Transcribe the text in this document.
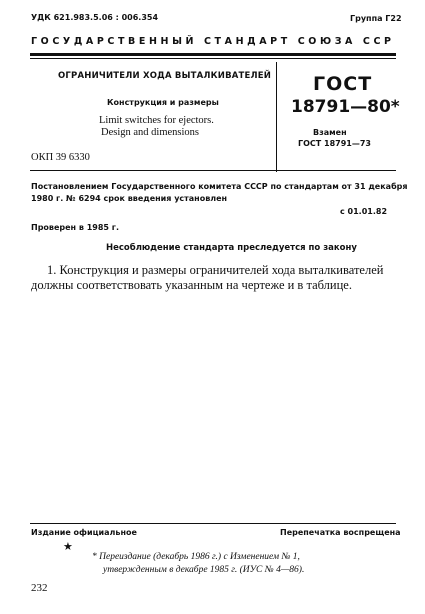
УДК 621.983.5.06 : 006.354	Группа Г22
ГОСУДАРСТВЕННЫЙ СТАНДАРТ СОЮЗА ССР
ОГРАНИЧИТЕЛИ ХОДА ВЫТАЛКИВАТЕЛЕЙ
Конструкция и размеры
Limit switches for ejectors.
Design and dimensions
ОКП 39 6330
ГОСТ
18791—80*
Взамен
ГОСТ 18791—73
Постановлением Государственного комитета СССР по стандартам от 31 декабря
1980 г. № 6294 срок введения установлен
с 01.01.82
Проверен в 1985 г.
Несоблюдение стандарта преследуется по закону
1. Конструкция и размеры ограничителей хода выталкивателей
должны соответствовать указанным на чертеже и в таблице.
Издание официальное	Перепечатка воспрещена
★
* Переиздание (декабрь 1986 г.) с Изменением № 1,
утвержденным в декабре 1985 г. (ИУС № 4—86).
232
